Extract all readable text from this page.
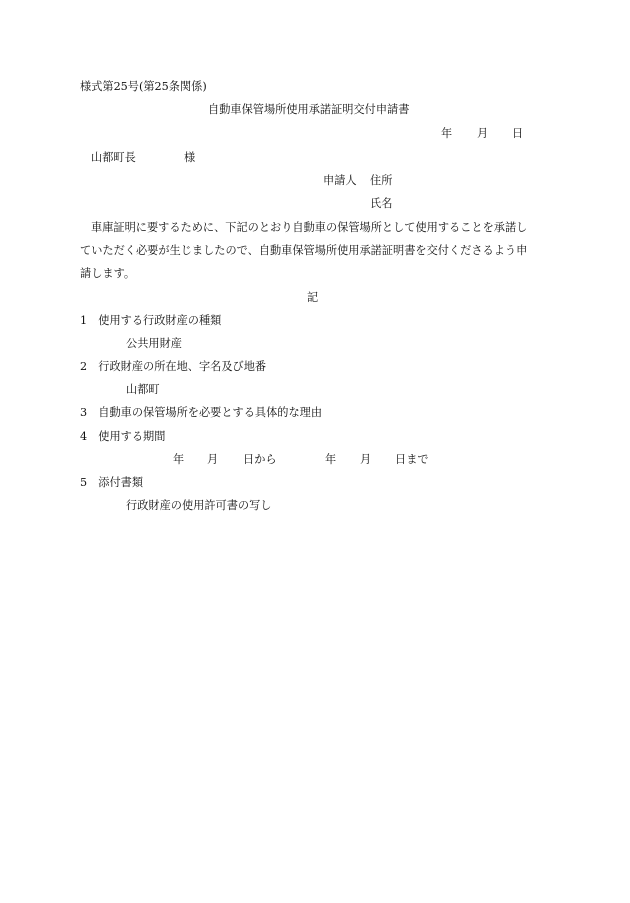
様式第25号(第25条関係)
自動車保管場所使用承諾証明交付申請書
年 月 日
山都町長	様
申請人 住所
氏名
車庫証明に要するために、下記のとおり自動車の保管場所として使用することを承諾し
ていただく必要が生じましたので、自動車保管場所使用承諾証明書を交付くださるよう申
請します。
記
1　使用する行政財産の種類
公共用財産
2　行政財産の所在地、字名及び地番
山都町
3　自動車の保管場所を必要とする具体的な理由
4　使用する期間
年 月 日から	年 月 日まで
5　添付書類
行政財産の使用許可書の写し
